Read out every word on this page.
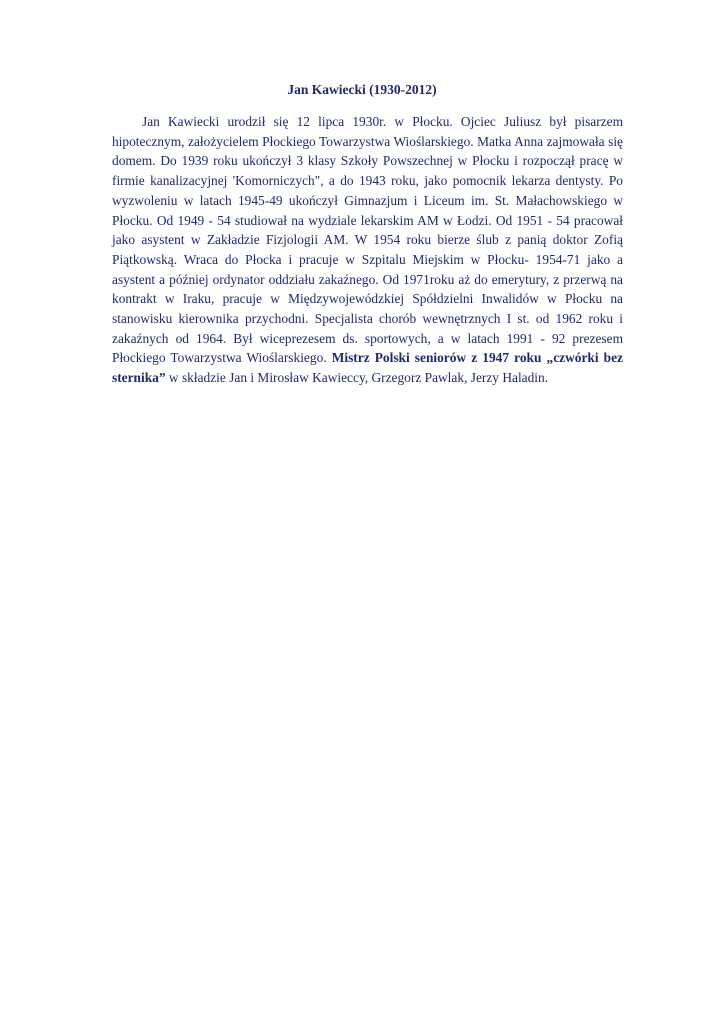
Jan Kawiecki (1930-2012)

Jan Kawiecki urodził się 12 lipca 1930r. w Płocku. Ojciec Juliusz był pisarzem hipotecznym, założycielem Płockiego Towarzystwa Wioślarskiego. Matka Anna zajmowała się domem. Do 1939 roku ukończył 3 klasy Szkoły Powszechnej w Płocku i rozpoczął pracę w firmie kanalizacyjnej 'Komorniczych", a do 1943 roku, jako pomocnik lekarza dentysty. Po wyzwoleniu w latach 1945-49 ukończył Gimnazjum i Liceum im. St. Małachowskiego w Płocku. Od 1949 - 54 studiował na wydziale lekarskim AM w Łodzi. Od 1951 - 54 pracował jako asystent w Zakładzie Fizjologii AM. W 1954 roku bierze ślub z panią doktor Zofią Piątkowską. Wraca do Płocka i pracuje w Szpitalu Miejskim w Płocku- 1954-71 jako a asystent a później ordynator oddziału zakaźnego. Od 1971roku aż do emerytury, z przerwą na kontrakt w Iraku, pracuje w Międzywojewódzkiej Spółdzielni Inwalidów w Płocku na stanowisku kierownika przychodni. Specjalista chorób wewnętrznych I st. od 1962 roku i zakaźnych od 1964. Był wiceprezesem ds. sportowych, a w latach 1991 - 92 prezesem Płockiego Towarzystwa Wioślarskiego. Mistrz Polski seniorów z 1947 roku „czwórki bez sternika” w składzie Jan i Mirosław Kawieccy, Grzegorz Pawlak, Jerzy Haladin.
